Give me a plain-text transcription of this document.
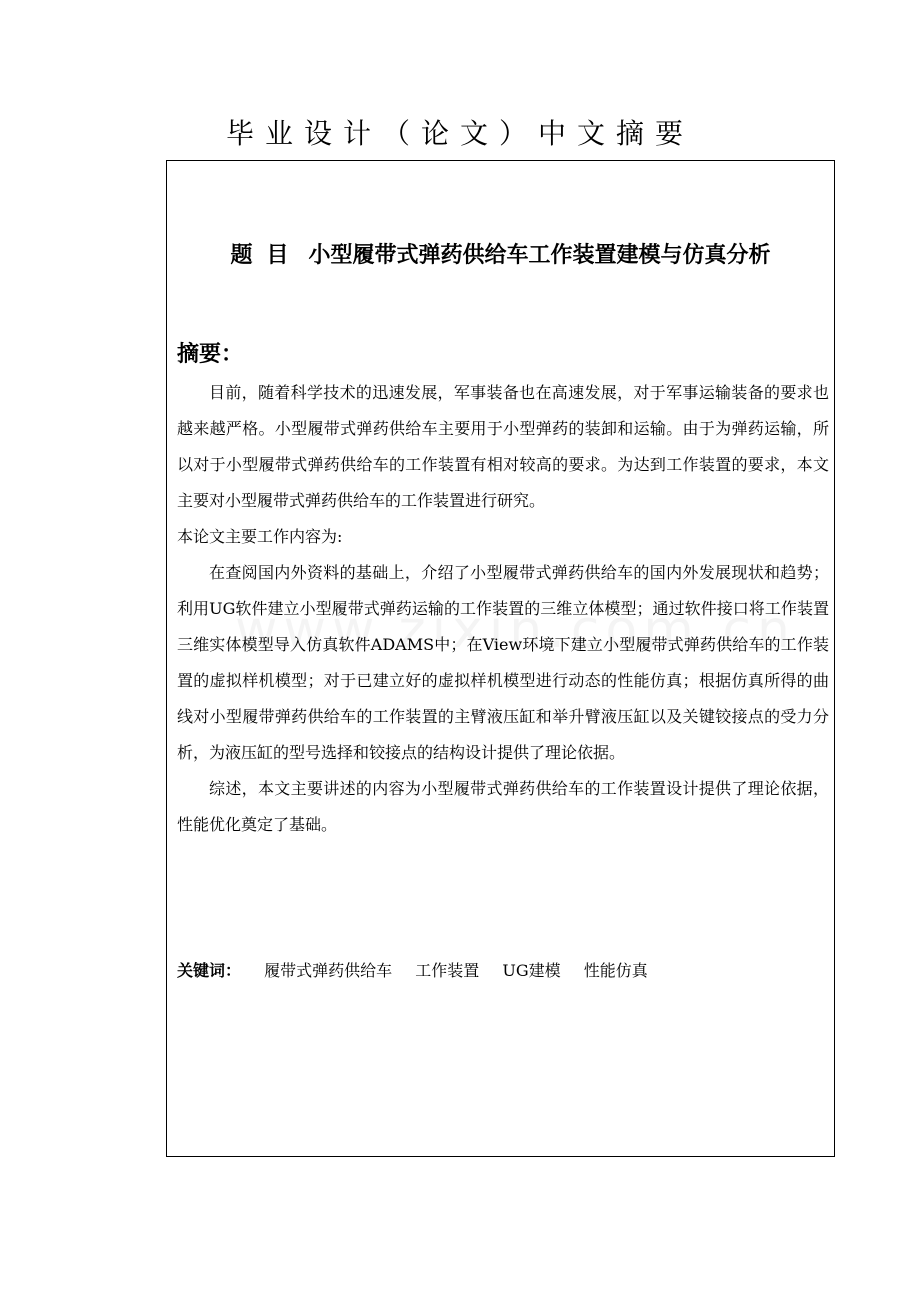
毕业设计（论文）中文摘要
题目 小型履带式弹药供给车工作装置建模与仿真分析
摘要：

目前，随着科学技术的迅速发展，军事装备也在高速发展，对于军事运输装备的要求也越来越严格。小型履带式弹药供给车主要用于小型弹药的装卸和运输。由于为弹药运输，所以对于小型履带式弹药供给车的工作装置有相对较高的要求。为达到工作装置的要求，本文主要对小型履带式弹药供给车的工作装置进行研究。

本论文主要工作内容为:

在查阅国内外资料的基础上，介绍了小型履带式弹药供给车的国内外发展现状和趋势；利用UG软件建立小型履带式弹药运输的工作装置的三维立体模型；通过软件接口将工作装置三维实体模型导入仿真软件ADAMS中；在View环境下建立小型履带式弹药供给车的工作装置的虚拟样机模型；对于已建立好的虚拟样机模型进行动态的性能仿真；根据仿真所得的曲线对小型履带弹药供给车的工作装置的主臂液压缸和举升臂液压缸以及关键铰接点的受力分析，为液压缸的型号选择和铰接点的结构设计提供了理论依据。

综述，本文主要讲述的内容为小型履带式弹药供给车的工作装置设计提供了理论依据，性能优化奠定了基础。

关键词： 履带式弹药供给车 工作装置 UG建模 性能仿真
